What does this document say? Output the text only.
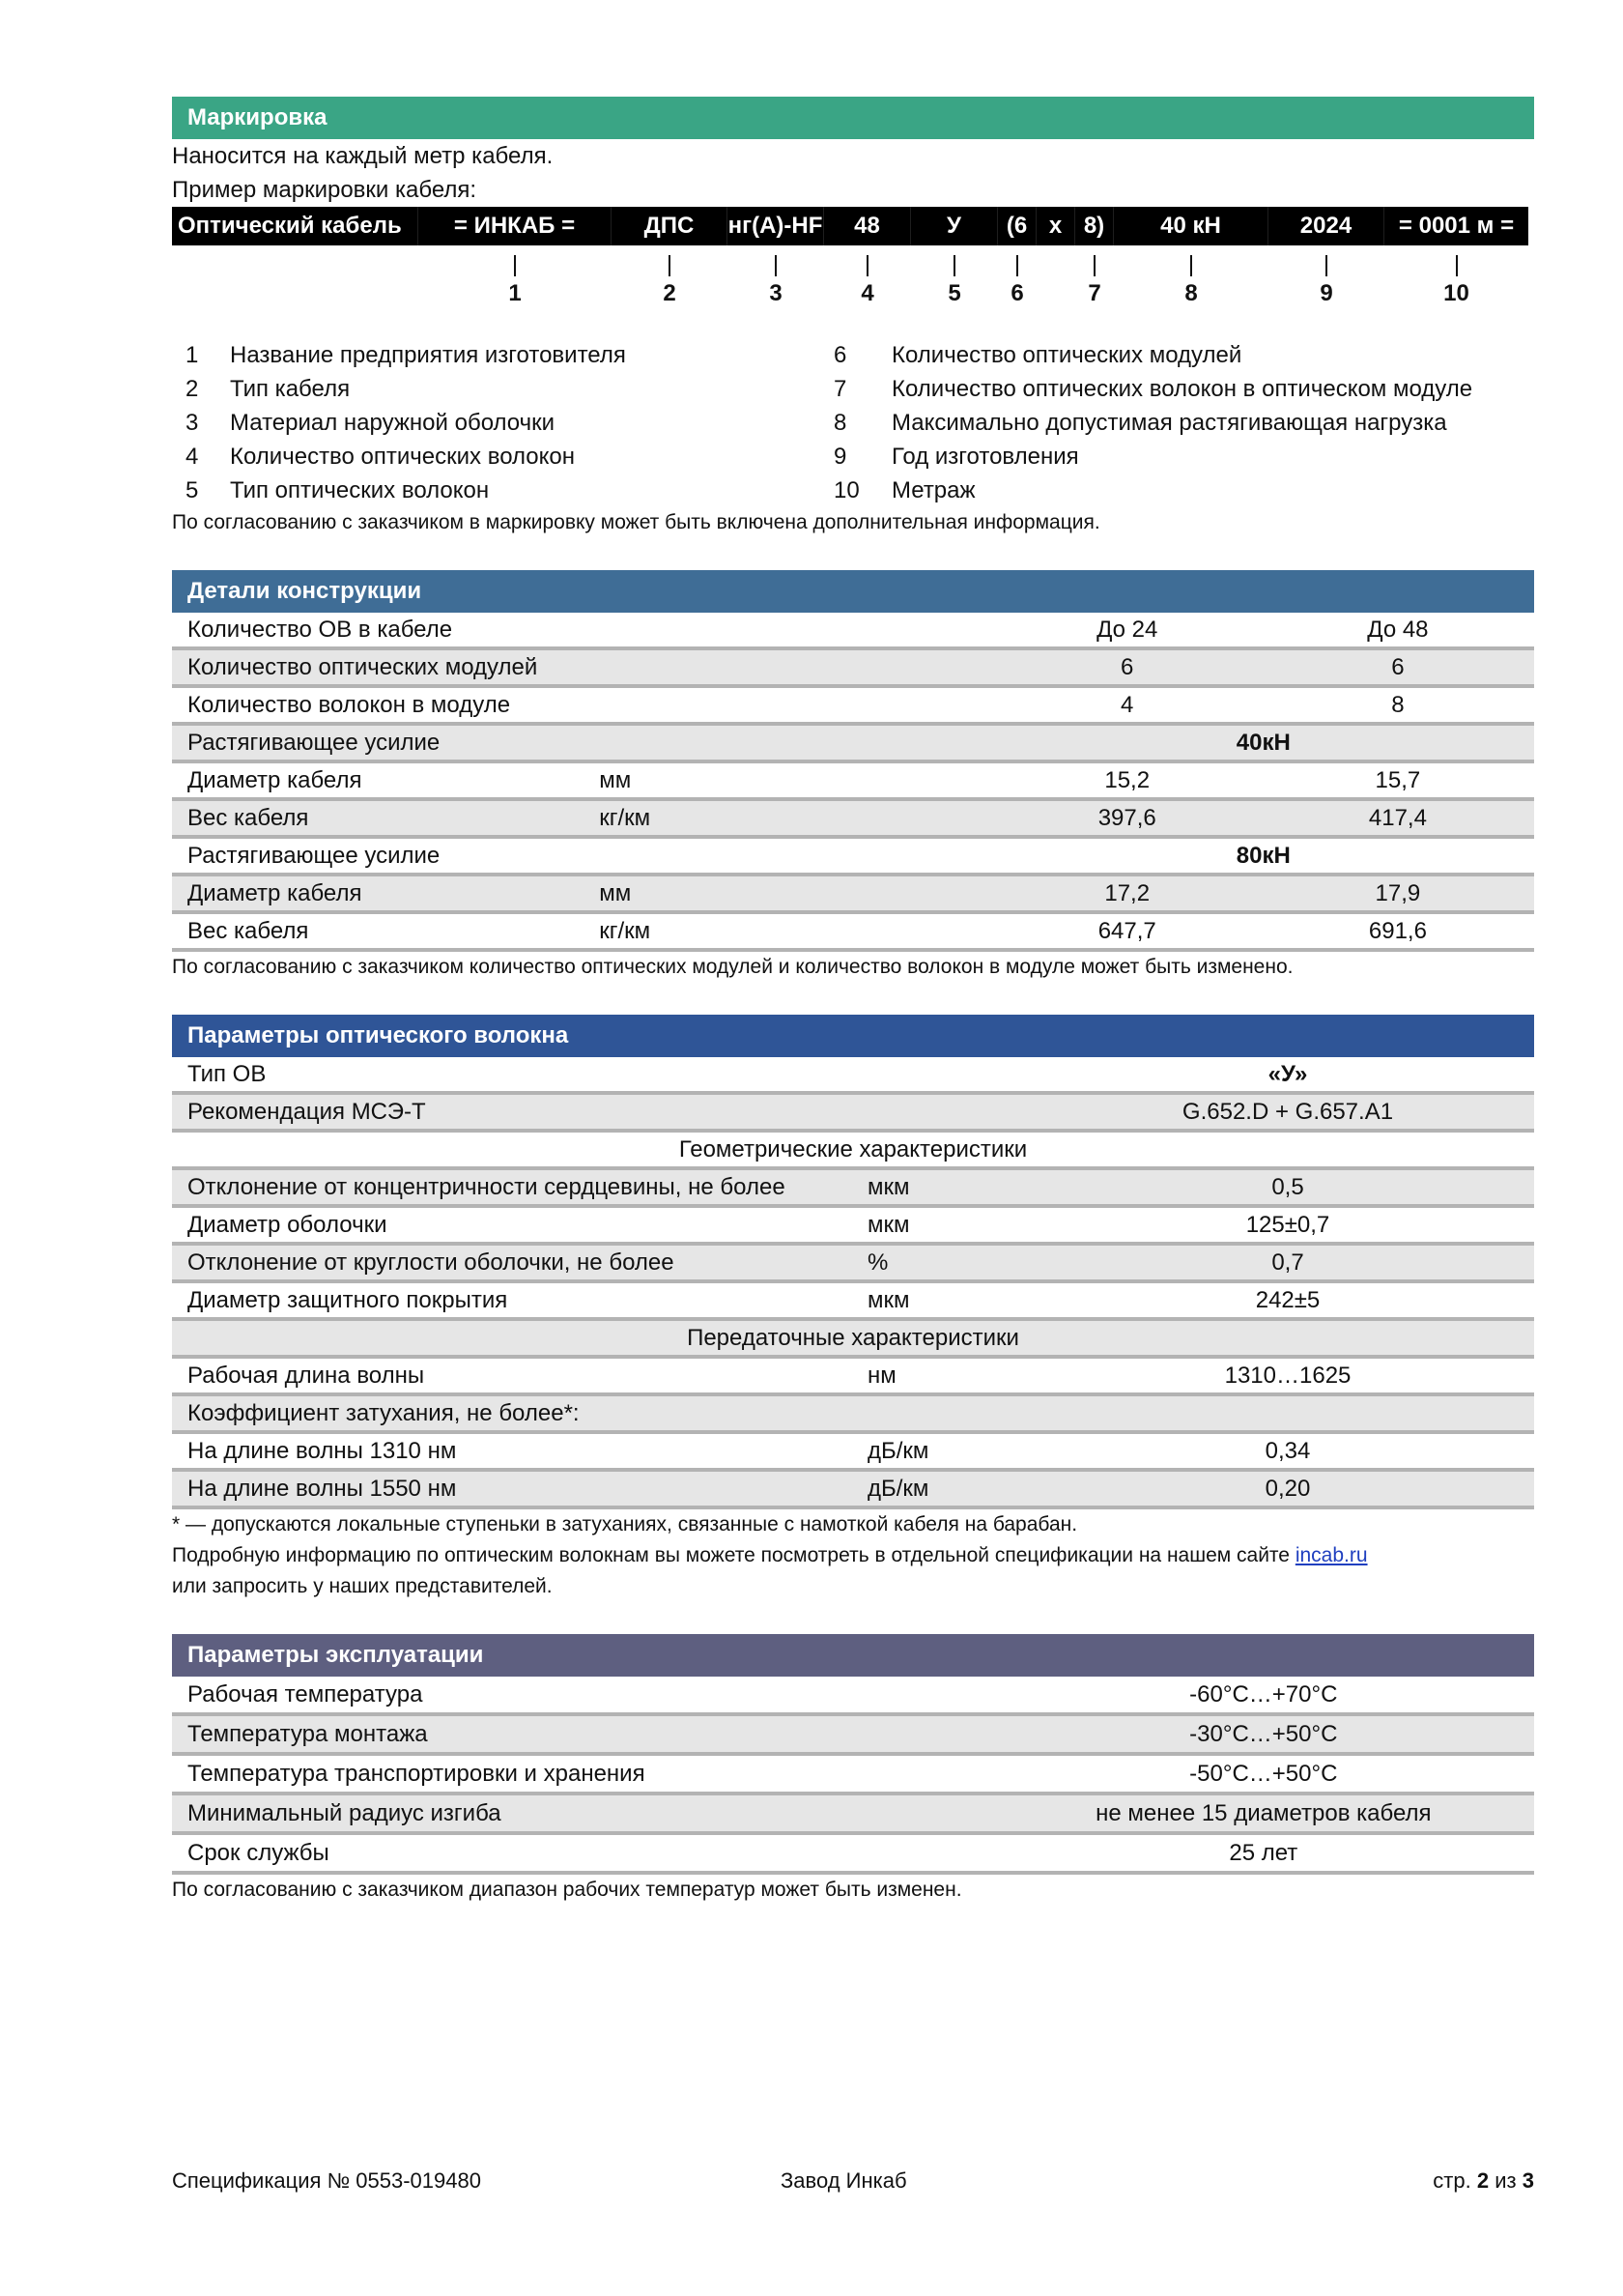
Маркировка
Наносится на каждый метр кабеля.
Пример маркировки кабеля:
Оптический кабель	= ИНКАБ =	ДПС	нг(A)-HF	48	У	(6 x 8)	40 кН	2024	= 0001 м =
1	2	3	4	5	6	7	8	9	10
1	Название предприятия изготовителя
2	Тип кабеля
3	Материал наружной оболочки
4	Количество оптических волокон
5	Тип оптических волокон
6	Количество оптических модулей
7	Количество оптических волокон в оптическом модуле
8	Максимально допустимая растягивающая нагрузка
9	Год изготовления
10	Метраж
По согласованию с заказчиком в маркировку может быть включена дополнительная информация.
Детали конструкции
Количество ОВ в кабеле	До 24	До 48
Количество оптических модулей	6	6
Количество волокон в модуле	4	8
Растягивающее усилие	40кН
Диаметр кабеля	мм	15,2	15,7
Вес кабеля	кг/км	397,6	417,4
Растягивающее усилие	80кН
Диаметр кабеля	мм	17,2	17,9
Вес кабеля	кг/км	647,7	691,6
По согласованию с заказчиком количество оптических модулей и количество волокон в модуле может быть изменено.
Параметры оптического волокна
Тип ОВ	«У»
Рекомендация МСЭ-Т	G.652.D + G.657.A1
Геометрические характеристики
Отклонение от концентричности сердцевины, не более	мкм	0,5
Диаметр оболочки	мкм	125±0,7
Отклонение от круглости оболочки, не более	%	0,7
Диаметр защитного покрытия	мкм	242±5
Передаточные характеристики
Рабочая длина волны	нм	1310…1625
Коэффициент затухания, не более*:
На длине волны 1310 нм	дБ/км	0,34
На длине волны 1550 нм	дБ/км	0,20
* — допускаются локальные ступеньки в затуханиях, связанные с намоткой кабеля на барабан.
Подробную информацию по оптическим волокнам вы можете посмотреть в отдельной спецификации на нашем сайте incab.ru
или запросить у наших представителей.
Параметры эксплуатации
Рабочая температура	-60°C…+70°C
Температура монтажа	-30°C…+50°C
Температура транспортировки и хранения	-50°C…+50°C
Минимальный радиус изгиба	не менее 15 диаметров кабеля
Срок службы	25 лет
По согласованию с заказчиком диапазон рабочих температур может быть изменен.
Спецификация № 0553-019480	Завод Инкаб	стр. 2 из 3
